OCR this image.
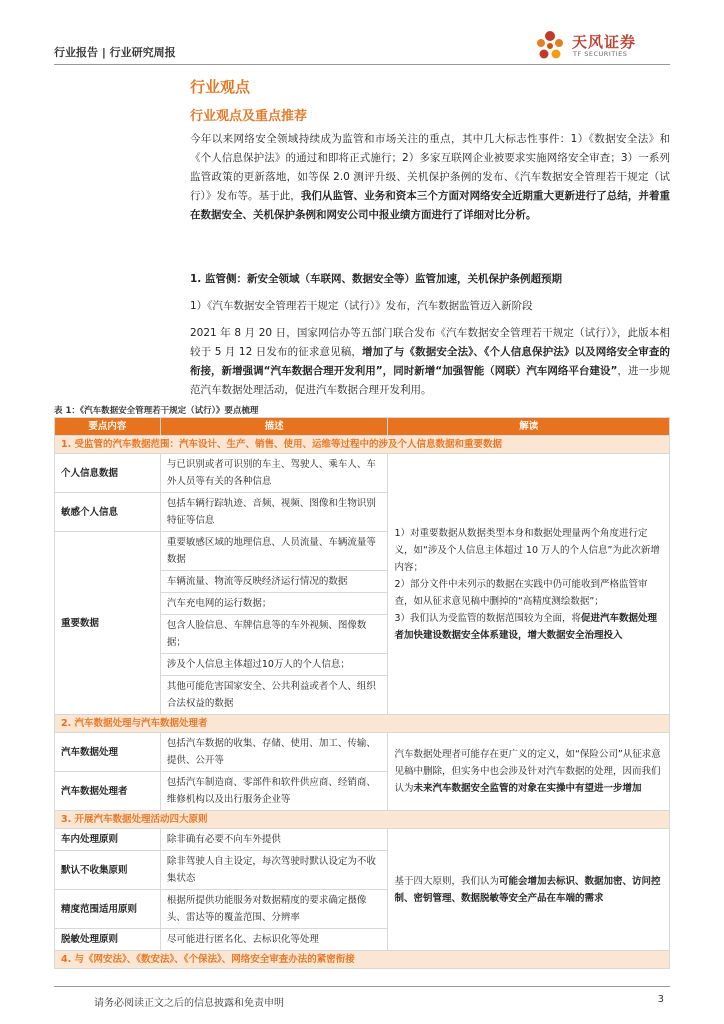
行业报告 | 行业研究周报
天风证券
TF SECURITIES
行业观点
行业观点及重点推荐
今年以来网络安全领域持续成为监管和市场关注的重点，其中几大标志性事件：1）《数据安全法》和《个人信息保护法》的通过和即将正式施行；2）多家互联网企业被要求实施网络安全审查；3）一系列监管政策的更新落地，如等保 2.0 测评升级、关机保护条例的发布、《汽车数据安全管理若干规定（试行）》发布等。基于此，我们从监管、业务和资本三个方面对网络安全近期重大更新进行了总结，并着重在数据安全、关机保护条例和网安公司中报业绩方面进行了详细对比分析。
1. 监管侧：新安全领域（车联网、数据安全等）监管加速，关机保护条例超预期
1）《汽车数据安全管理若干规定（试行）》发布，汽车数据监管迈入新阶段
2021 年 8 月 20 日，国家网信办等五部门联合发布《汽车数据安全管理若干规定（试行）》，此版本相较于 5 月 12 日发布的征求意见稿，增加了与《数据安全法》、《个人信息保护法》以及网络安全审查的衔接，新增强调“汽车数据合理开发利用”，同时新增“加强智能（网联）汽车网络平台建设”，进一步规范汽车数据处理活动，促进汽车数据合理开发利用。
表 1：《汽车数据安全管理若干规定（试行）》要点梳理
要点内容	描述	解读
1. 受监管的汽车数据范围：汽车设计、生产、销售、使用、运维等过程中的涉及个人信息数据和重要数据		
个人信息数据	与已识别或者可识别的车主、驾驶人、乘车人、车外人员等有关的各种信息	1）对重要数据从数据类型本身和数据处理量两个角度进行定义，如“涉及个人信息主体超过 10 万人的个人信息”为此次新增内容；
2）部分文件中未列示的数据在实践中仍可能收到严格监管审查，如从征求意见稿中删掉的“高精度测绘数据”；
3）我们认为受监管的数据范围较为全面，将促进汽车数据处理者加快建设数据安全体系建设，增大数据安全治理投入

敏感个人信息	包括车辆行踪轨迹、音频、视频、图像和生物识别特征等信息	
重要数据	重要敏感区域的地理信息、人员流量、车辆流量等数据	
	车辆流量、物流等反映经济运行情况的数据	
	汽车充电网的运行数据；	
	包含人脸信息、车牌信息等的车外视频、图像数据；	
	涉及个人信息主体超过10万人的个人信息；	
	其他可能危害国家安全、公共利益或者个人、组织合法权益的数据	
2. 汽车数据处理与汽车数据处理者		
汽车数据处理	包括汽车数据的收集、存储、使用、加工、传输、提供、公开等	汽车数据处理者可能存在更广义的定义，如“保险公司”从征求意见稿中删除，但实务中也会涉及针对汽车数据的处理，因而我们认为未来汽车数据安全监管的对象在实操中有望进一步增加
汽车数据处理者	包括汽车制造商、零部件和软件供应商、经销商、维修机构以及出行服务企业等	
3. 开展汽车数据处理活动四大原则		
车内处理原则	除非确有必要不向车外提供	基于四大原则，我们认为可能会增加去标识、数据加密、访问控制、密钥管理、数据脱敏等安全产品在车端的需求
默认不收集原则	除非驾驶人自主设定，每次驾驶时默认设定为不收集状态	
精度范围适用原则	根据所提供功能服务对数据精度的要求确定摄像头、雷达等的覆盖范围、分辨率	
脱敏处理原则	尽可能进行匿名化、去标识化等处理	
4. 与《网安法》、《数安法》、《个保法》、网络安全审查办法的紧密衔接		
请务必阅读正文之后的信息披露和免责申明	3
